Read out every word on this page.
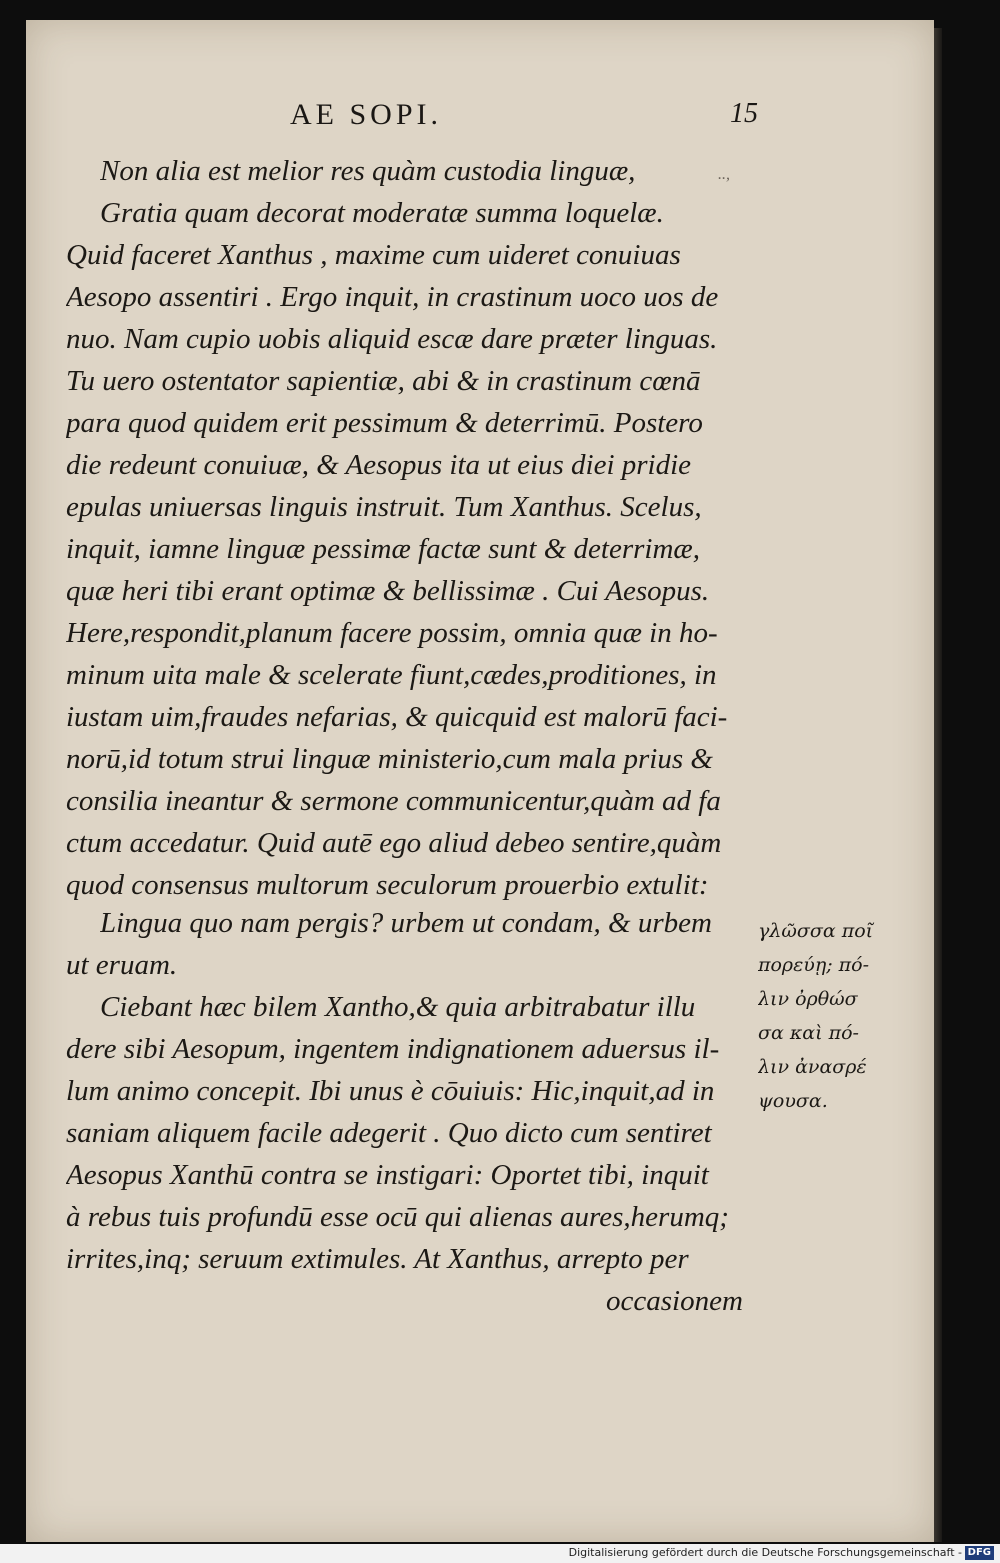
AE SOPI.	15
..,
Non alia est melior res quàm custodia linguæ,
Gratia quam decorat moderatæ summa loquelæ.
Quid faceret Xanthus , maxime cum uideret conuiuas
Aesopo assentiri . Ergo inquit, in crastinum uoco uos de
nuo. Nam cupio uobis aliquid escæ dare præter linguas.
Tu uero ostentator sapientiæ, abi & in crastinum cœnā
para quod quidem erit pessimum & deterrimū. Postero
die redeunt conuiuæ, & Aesopus ita ut eius diei pridie
epulas uniuersas linguis instruit. Tum Xanthus. Scelus,
inquit, iamne linguæ pessimæ factæ sunt & deterrimæ,
quæ heri tibi erant optimæ & bellissimæ . Cui Aesopus.
Here,respondit,planum facere possim, omnia quæ in ho-
minum uita male & scelerate fiunt,cædes,proditiones, in
iustam uim,fraudes nefarias, & quicquid est malorū faci-
norū,id totum strui linguæ ministerio,cum mala prius &
consilia ineantur & sermone communicentur,quàm ad fa
ctum accedatur. Quid autē ego aliud debeo sentire,quàm
quod consensus multorum seculorum prouerbio extulit:
Lingua quo nam pergis? urbem ut condam, & urbem
ut eruam.
Ciebant hæc bilem Xantho,& quia arbitrabatur illu
dere sibi Aesopum, ingentem indignationem aduersus il-
lum animo concepit. Ibi unus è cōuiuis: Hic,inquit,ad in
saniam aliquem facile adegerit . Quo dicto cum sentiret
Aesopus Xanthū contra se instigari: Oportet tibi, inquit
à rebus tuis profundū esse ocū qui alienas aures,herumq;
irrites,inq; seruum extimules. At Xanthus, arrepto per
occasionem
γλῶσσα ποῖ
πορεύῃ; πό-
λιν ὀρθώσ
σα καὶ πό-
λιν ἀνασρέ
ψουσα.
Digitalisierung gefördert durch die Deutsche Forschungsgemeinschaft - DFG
